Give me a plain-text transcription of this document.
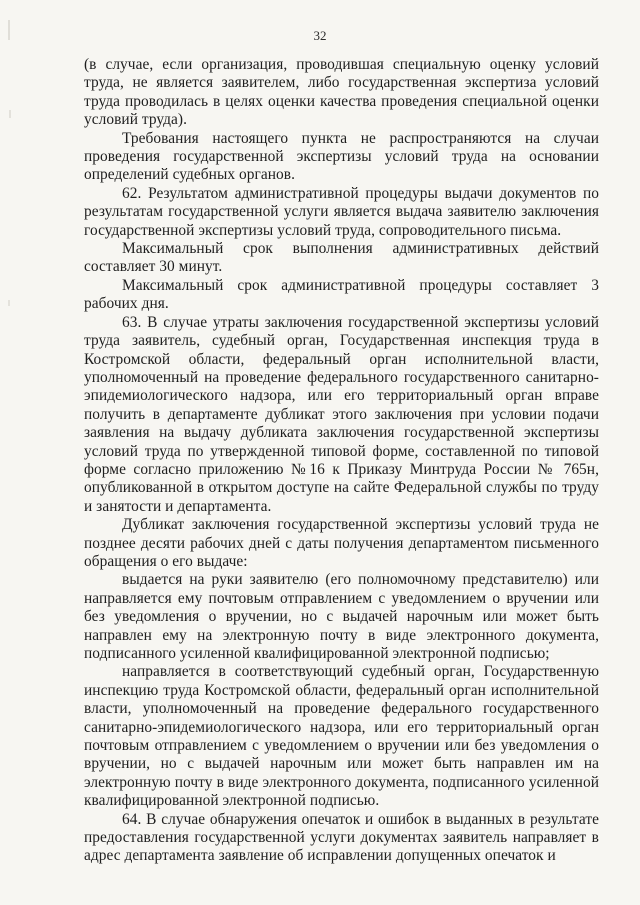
32

(в случае, если организация, проводившая специальную оценку условий труда, не является заявителем, либо государственная экспертиза условий труда проводилась в целях оценки качества проведения специальной оценки условий труда).

Требования настоящего пункта не распространяются на случаи проведения государственной экспертизы условий труда на основании определений судебных органов.

62. Результатом административной процедуры выдачи документов по результатам государственной услуги является выдача заявителю заключения государственной экспертизы условий труда, сопроводительного письма.

Максимальный срок выполнения административных действий составляет 30 минут.

Максимальный срок административной процедуры составляет 3 рабочих дня.

63. В случае утраты заключения государственной экспертизы условий труда заявитель, судебный орган, Государственная инспекция труда в Костромской области, федеральный орган исполнительной власти, уполномоченный на проведение федерального государственного санитарно-эпидемиологического надзора, или его территориальный орган вправе получить в департаменте дубликат этого заключения при условии подачи заявления на выдачу дубликата заключения государственной экспертизы условий труда по утвержденной типовой форме, составленной по типовой форме согласно приложению №16 к Приказу Минтруда России № 765н, опубликованной в открытом доступе на сайте Федеральной службы по труду и занятости и департамента.

Дубликат заключения государственной экспертизы условий труда не позднее десяти рабочих дней с даты получения департаментом письменного обращения о его выдаче:

выдается на руки заявителю (его полномочному представителю) или направляется ему почтовым отправлением с уведомлением о вручении или без уведомления о вручении, но с выдачей нарочным или может быть направлен ему на электронную почту в виде электронного документа, подписанного усиленной квалифицированной электронной подписью;

направляется в соответствующий судебный орган, Государственную инспекцию труда Костромской области, федеральный орган исполнительной власти, уполномоченный на проведение федерального государственного санитарно-эпидемиологического надзора, или его территориальный орган почтовым отправлением с уведомлением о вручении или без уведомления о вручении, но с выдачей нарочным или может быть направлен им на электронную почту в виде электронного документа, подписанного усиленной квалифицированной электронной подписью.

64. В случае обнаружения опечаток и ошибок в выданных в результате предоставления государственной услуги документах заявитель направляет в адрес департамента заявление об исправлении допущенных опечаток и
